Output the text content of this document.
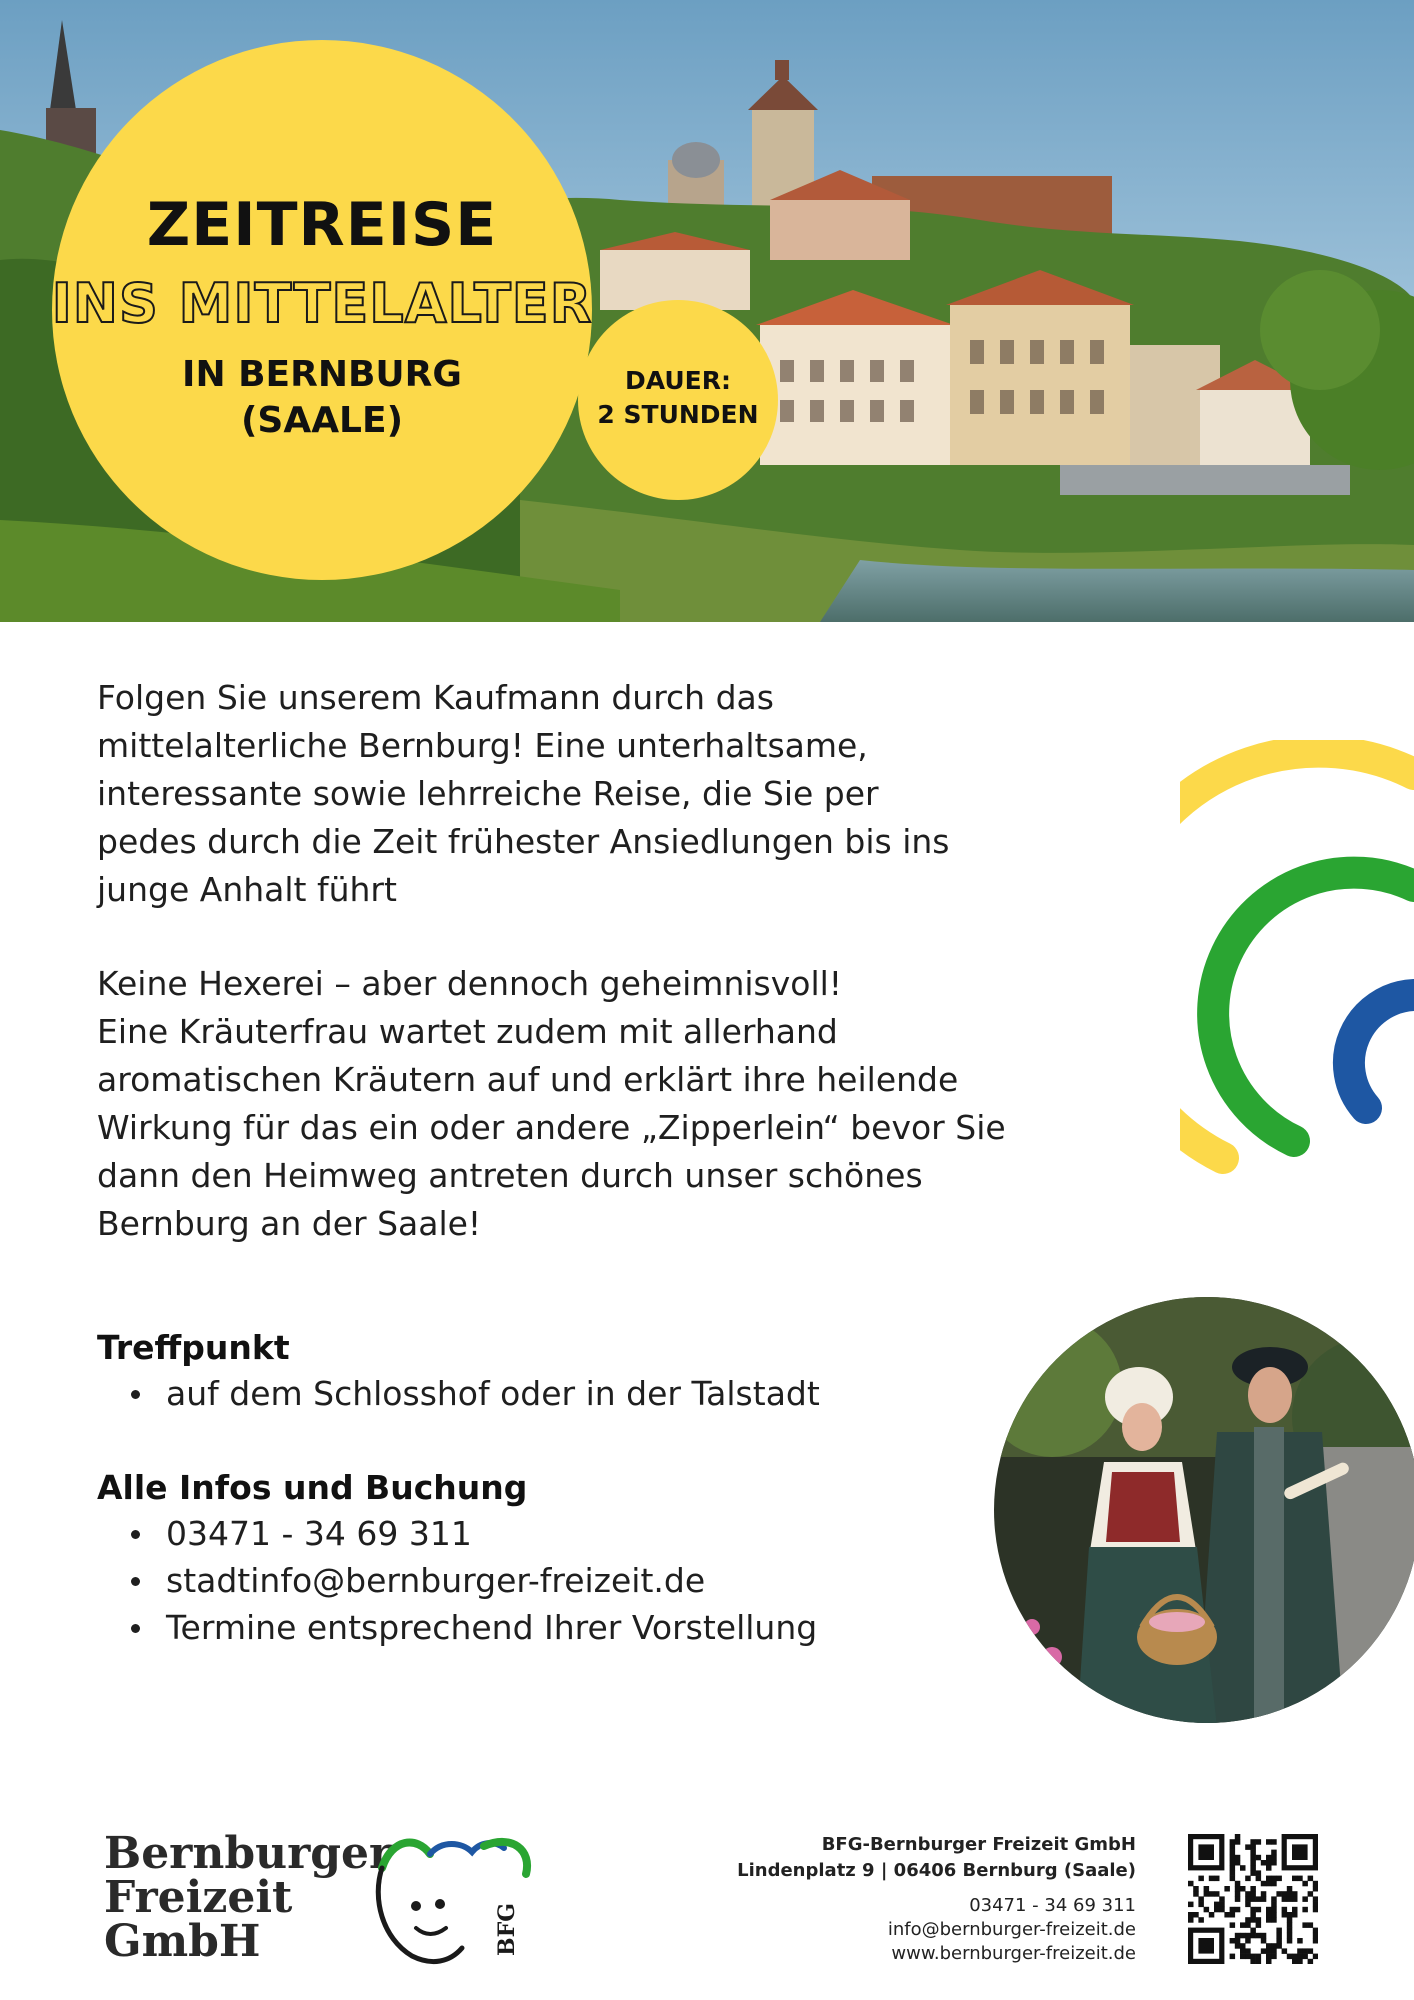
ZEITREISE
INS MITTELALTER
IN BERNBURG
(SAALE)
DAUER:
2 STUNDEN
Folgen Sie unserem Kaufmann durch das
mittelalterliche Bernburg! Eine unterhaltsame,
interessante sowie lehrreiche Reise, die Sie per
pedes durch die Zeit frühester Ansiedlungen bis ins
junge Anhalt führt
Keine Hexerei – aber dennoch geheimnisvoll!
Eine Kräuterfrau wartet zudem mit allerhand
aromatischen Kräutern auf und erklärt ihre heilende
Wirkung für das ein oder andere „Zipperlein“ bevor Sie
dann den Heimweg antreten durch unser schönes
Bernburg an der Saale!
Treffpunkt
auf dem Schlosshof oder in der Talstadt
Alle Infos und Buchung
03471 - 34 69 311
stadtinfo@bernburger-freizeit.de
Termine entsprechend Ihrer Vorstellung
Bernburger
Freizeit
GmbH	BFG
BFG-Bernburger Freizeit GmbH
Lindenplatz 9 | 06406 Bernburg (Saale)
03471 - 34 69 311
info@bernburger-freizeit.de
www.bernburger-freizeit.de
